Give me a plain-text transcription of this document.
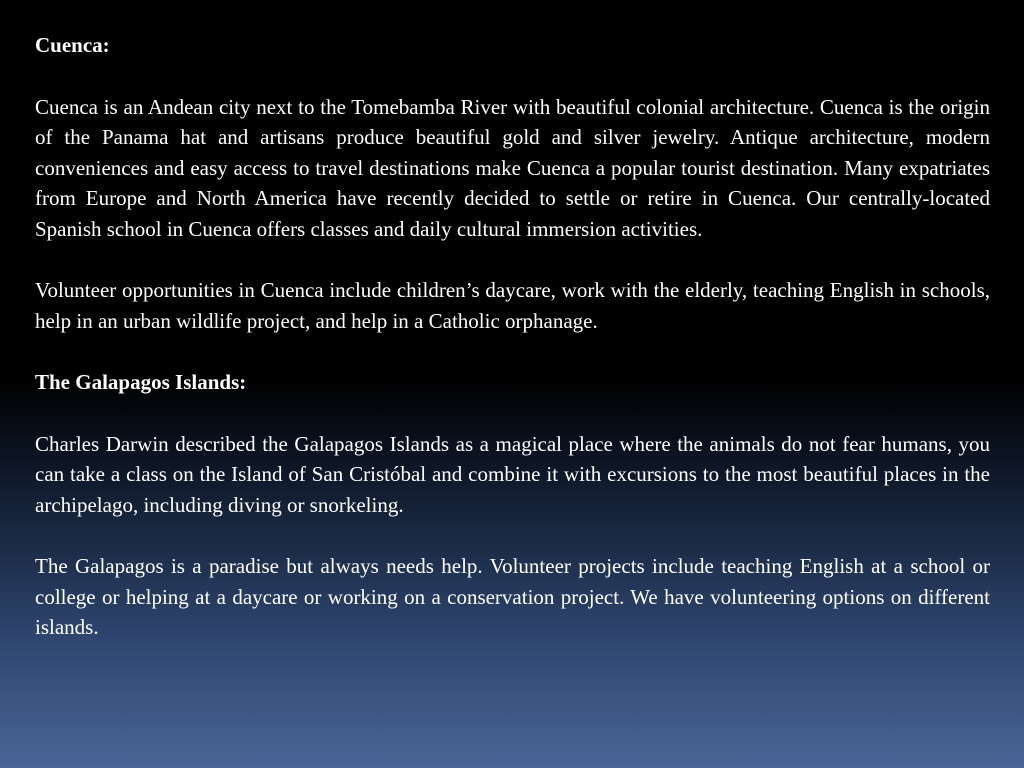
Cuenca:

Cuenca is an Andean city next to the Tomebamba River with beautiful colonial architecture. Cuenca is the origin of the Panama hat and artisans produce beautiful gold and silver jewelry. Antique architecture, modern conveniences and easy access to travel destinations make Cuenca a popular tourist destination. Many expatriates from Europe and North America have recently decided to settle or retire in Cuenca. Our centrally-located Spanish school in Cuenca offers classes and daily cultural immersion activities.

Volunteer opportunities in Cuenca include children’s daycare, work with the elderly, teaching English in schools, help in an urban wildlife project, and help in a Catholic orphanage.

The Galapagos Islands:

Charles Darwin described the Galapagos Islands as a magical place where the animals do not fear humans, you can take a class on the Island of San Cristóbal and combine it with excursions to the most beautiful places in the archipelago, including diving or snorkeling.

The Galapagos is a paradise but always needs help. Volunteer projects include teaching English at a school or college or helping at a daycare or working on a conservation project. We have volunteering options on different islands.
